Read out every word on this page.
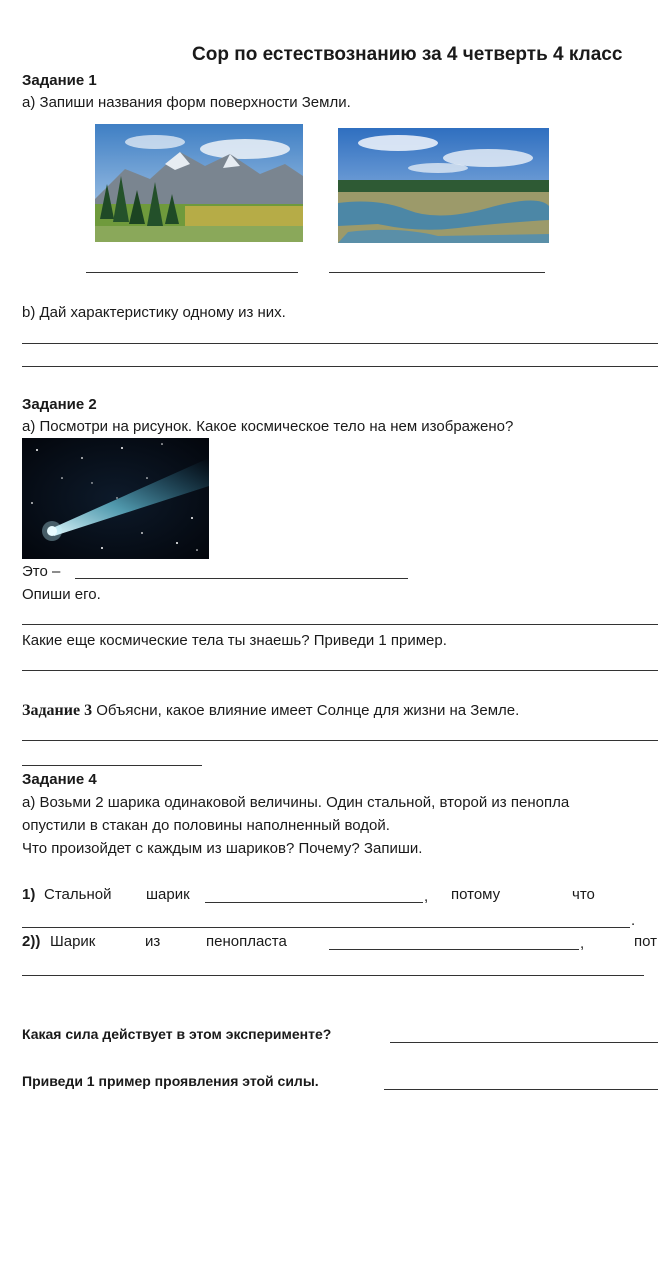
Сор по естествознанию за 4 четверть 4 класс
Задание 1
а) Запиши названия форм поверхности Земли.
b) Дай характеристику одному из них.
Задание 2
а) Посмотри на рисунок. Какое космическое тело на нем изображено?
Это –
Опиши его.
Какие еще космические тела ты знаешь? Приведи 1 пример.
Задание 3 Объясни, какое влияние имеет Солнце для жизни на Земле.
Задание 4
а) Возьми 2 шарика одинаковой величины. Один стальной, второй из пенопла
опустили в стакан до половины наполненный водой.
Что произойдет с каждым из шариков? Почему? Запиши.
1) Стальной шарик	, потому	что
.
2)) Шарик	из	пенопласта	,	пот
Какая сила действует в этом эксперименте?
Приведи 1 пример проявления этой силы.
